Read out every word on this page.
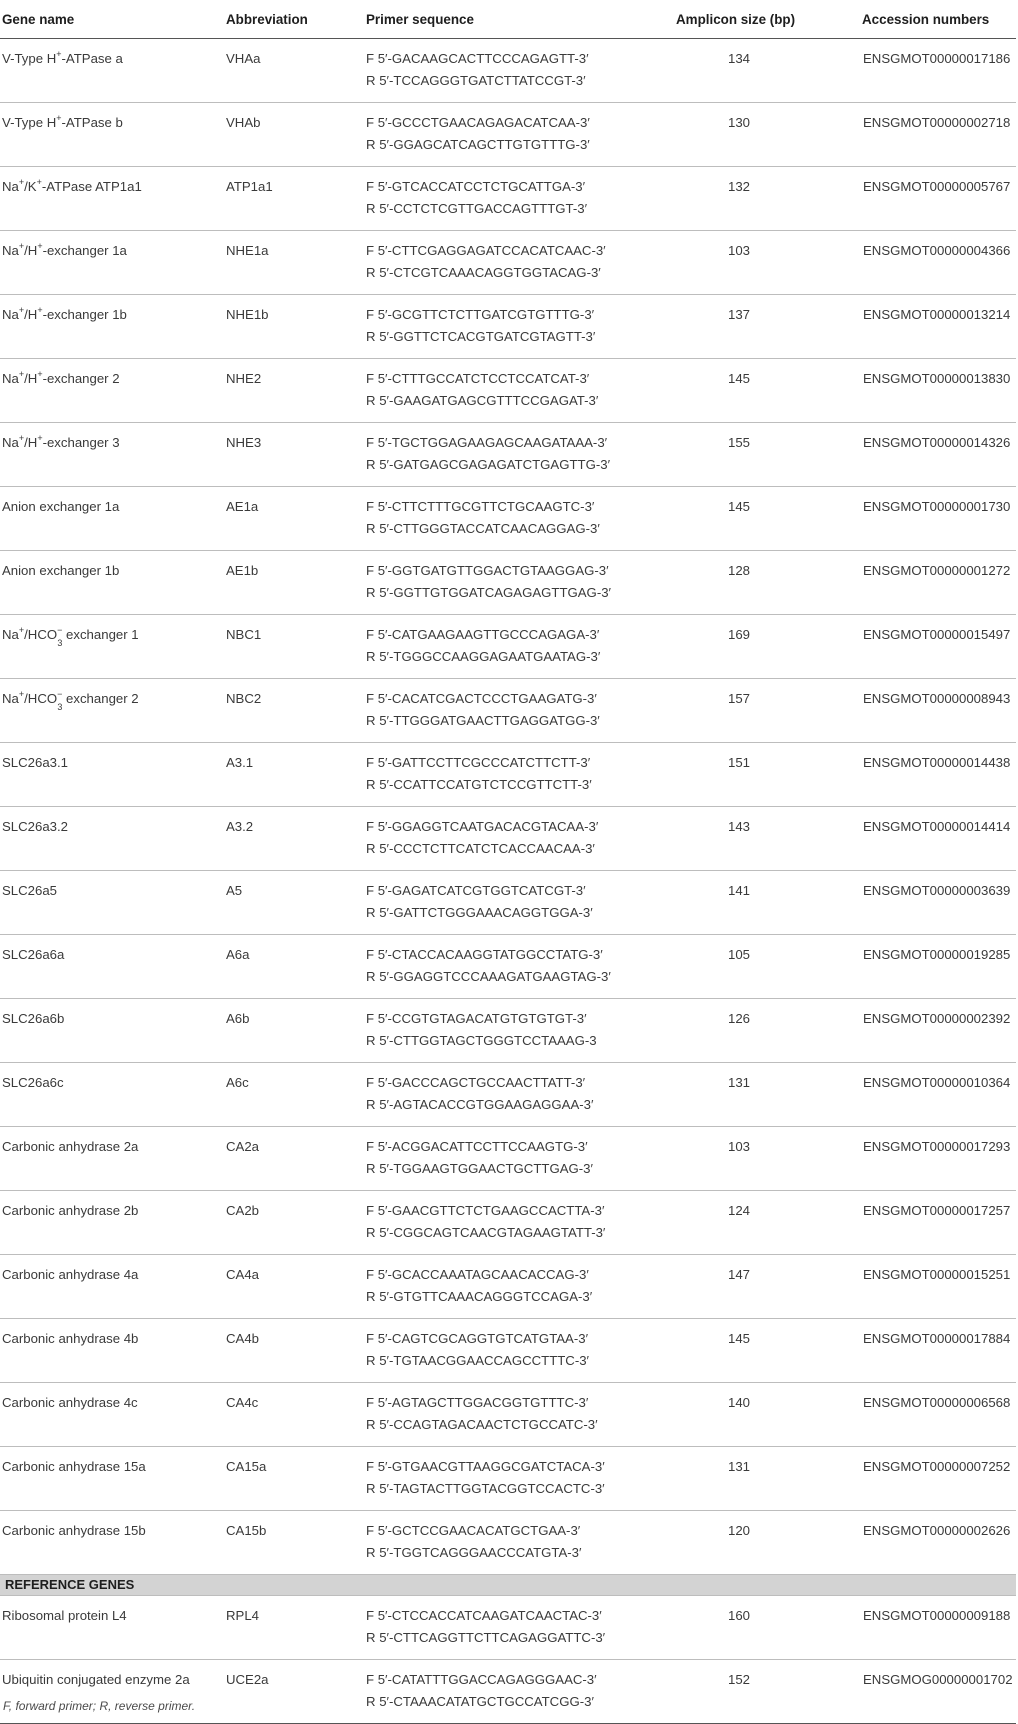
Gene name	Abbreviation	Primer sequence	Amplicon size (bp)	Accession numbers
V-Type H+-ATPase a	VHAa	F 5′-GACAAGCACTTCCCAGAGTT-3′
R 5′-TCCAGGGTGATCTTATCCGT-3′	134	ENSGMOT00000017186
V-Type H+-ATPase b	VHAb	F 5′-GCCCTGAACAGAGACATCAA-3′
R 5′-GGAGCATCAGCTTGTGTTTG-3′	130	ENSGMOT00000002718
Na+/K+-ATPase ATP1a1	ATP1a1	F 5′-GTCACCATCCTCTGCATTGA-3′
R 5′-CCTCTCGTTGACCAGTTTGT-3′	132	ENSGMOT00000005767
Na+/H+-exchanger 1a	NHE1a	F 5′-CTTCGAGGAGATCCACATCAAC-3′
R 5′-CTCGTCAAACAGGTGGTACAG-3′	103	ENSGMOT00000004366
Na+/H+-exchanger 1b	NHE1b	F 5′-GCGTTCTCTTGATCGTGTTTG-3′
R 5′-GGTTCTCACGTGATCGTAGTT-3′	137	ENSGMOT00000013214
Na+/H+-exchanger 2	NHE2	F 5′-CTTTGCCATCTCCTCCATCAT-3′
R 5′-GAAGATGAGCGTTTCCGAGAT-3′	145	ENSGMOT00000013830
Na+/H+-exchanger 3	NHE3	F 5′-TGCTGGAGAAGAGCAAGATAAA-3′
R 5′-GATGAGCGAGAGATCTGAGTTG-3′	155	ENSGMOT00000014326
Anion exchanger 1a	AE1a	F 5′-CTTCTTTGCGTTCTGCAAGTC-3′
R 5′-CTTGGGTACCATCAACAGGAG-3′	145	ENSGMOT00000001730
Anion exchanger 1b	AE1b	F 5′-GGTGATGTTGGACTGTAAGGAG-3′
R 5′-GGTTGTGGATCAGAGAGTTGAG-3′	128	ENSGMOT00000001272
$Na^+/HCO^-_3$ exchanger 1	NBC1	F 5′-CATGAAGAAGTTGCCCAGAGA-3′
R 5′-TGGGCCAAGGAGAATGAATAG-3′	169	ENSGMOT00000015497
$Na^+/HCO^-_3$ exchanger 2	NBC2	F 5′-CACATCGACTCCCTGAAGATG-3′
R 5′-TTGGGATGAACTTGAGGATGG-3′	157	ENSGMOT00000008943
SLC26a3.1	A3.1	F 5′-GATTCCTTCGCCCATCTTCTT-3′
R 5′-CCATTCCATGTCTCCGTTCTT-3′	151	ENSGMOT00000014438
SLC26a3.2	A3.2	F 5′-GGAGGTCAATGACACGTACAA-3′
R 5′-CCCTCTTCATCTCACCAACAA-3′	143	ENSGMOT00000014414
SLC26a5	A5	F 5′-GAGATCATCGTGGTCATCGT-3′
R 5′-GATTCTGGGAAACAGGTGGA-3′	141	ENSGMOT00000003639
SLC26a6a	A6a	F 5′-CTACCACAAGGTATGGCCTATG-3′
R 5′-GGAGGTCCCAAAGATGAAGTAG-3′	105	ENSGMOT00000019285
SLC26a6b	A6b	F 5′-CCGTGTAGACATGTGTGTGT-3′
R 5′-CTTGGTAGCTGGGTCCTAAAG-3	126	ENSGMOT00000002392
SLC26a6c	A6c	F 5′-GACCCAGCTGCCAACTTATT-3′
R 5′-AGTACACCGTGGAAGAGGAA-3′	131	ENSGMOT00000010364
Carbonic anhydrase 2a	CA2a	F 5′-ACGGACATTCCTTCCAAGTG-3′
R 5′-TGGAAGTGGAACTGCTTGAG-3′	103	ENSGMOT00000017293
Carbonic anhydrase 2b	CA2b	F 5′-GAACGTTCTCTGAAGCCACTTA-3′
R 5′-CGGCAGTCAACGTAGAAGTATT-3′	124	ENSGMOT00000017257
Carbonic anhydrase 4a	CA4a	F 5′-GCACCAAATAGCAACACCAG-3′
R 5′-GTGTTCAAACAGGGTCCAGA-3′	147	ENSGMOT00000015251
Carbonic anhydrase 4b	CA4b	F 5′-CAGTCGCAGGTGTCATGTAA-3′
R 5′-TGTAACGGAACCAGCCTTTC-3′	145	ENSGMOT00000017884
Carbonic anhydrase 4c	CA4c	F 5′-AGTAGCTTGGACGGTGTTTC-3′
R 5′-CCAGTAGACAACTCTGCCATC-3′	140	ENSGMOT00000006568
Carbonic anhydrase 15a	CA15a	F 5′-GTGAACGTTAAGGCGATCTACA-3′
R 5′-TAGTACTTGGTACGGTCCACTC-3′	131	ENSGMOT00000007252
Carbonic anhydrase 15b	CA15b	F 5′-GCTCCGAACACATGCTGAA-3′
R 5′-TGGTCAGGGAACCCATGTA-3′	120	ENSGMOT00000002626
REFERENCE GENES				
Ribosomal protein L4	RPL4	F 5′-CTCCACCATCAAGATCAACTAC-3′
R 5′-CTTCAGGTTCTTCAGAGGATTC-3′	160	ENSGMOT00000009188
Ubiquitin conjugated enzyme 2a	UCE2a	F 5′-CATATTTGGACCAGAGGGAAC-3′
R 5′-CTAAACATATGCTGCCATCGG-3′	152	ENSGMOG00000001702
F, forward primer; R, reverse primer.
